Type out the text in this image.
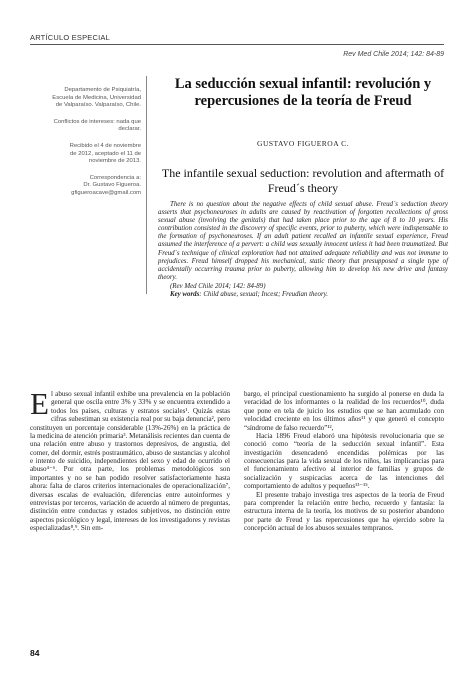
ARTÍCULO ESPECIAL
Rev Med Chile 2014; 142: 84-89
Departamento de Psiquiatría,
Escuela de Medicina, Universidad
de Valparaíso. Valparaíso, Chile.
Conflictos de intereses: nada que
declarar.
Recibido el 4 de noviembre
de 2012, aceptado el 11 de
noviembre de 2013.
Correspondencia a:
Dr. Gustavo Figueroa.
gfigueroacave@gmail.com
La seducción sexual infantil: revolución y repercusiones de la teoría de Freud
GUSTAVO FIGUEROA C.
The infantile sexual seduction: revolution and aftermath of Freud´s theory

There is no question about the negative effects of child sexual abuse. Freud´s seduction theory asserts that psychoneuroses in adults are caused by reactivation of forgotten recollections of gross sexual abuse (involving the genitals) that had taken place prior to the age of 8 to 10 years. His contribution consisted in the discovery of specific events, prior to puberty, which were indispensable to the formation of psychoneuroses. If an adult patient recalled an infantile sexual experience, Freud assumed the interference of a pervert: a child was sexually innocent unless it had been traumatized. But Freud´s technique of clinical exploration had not attained adequate reliability and was not immune to prejudices. Freud himself dropped his mechanical, static theory that presupposed a single type of accidentally occurring trauma prior to puberty, allowing him to develop his new drive and fantasy theory.

(Rev Med Chile 2014; 142: 84-89)

Key words: Child abuse, sexual; Incest; Freudian theory.

El abuso sexual infantil exhibe una prevalencia en la población general que oscila entre 3% y 33% y se encuentra extendido a todos los países, culturas y estratos sociales¹. Quizás estas cifras subestiman su existencia real por su baja denuncia², pero constituyen un porcentaje considerable (13%-26%) en la práctica de la medicina de atención primaria³. Metanálisis recientes dan cuenta de una relación entre abuso y trastornos depresivos, de angustia, del comer, del dormir, estrés postraumático, abuso de sustancias y alcohol e intento de suicidio, independientes del sexo y edad de ocurrido el abuso⁴⁻⁶. Por otra parte, los problemas metodológicos son importantes y no se han podido resolver satisfactoriamente hasta ahora: falta de claros criterios internacionales de operacionalización⁷, diversas escalas de evaluación, diferencias entre autoinformes y entrevistas por terceros, variación de acuerdo al número de preguntas, distinción entre conductas y estados subjetivos, no distinción entre aspectos psicológico y legal, intereses de los investigadores y revistas especializadas⁸,⁹. Sin em-

bargo, el principal cuestionamiento ha surgido al ponerse en duda la veracidad de los informantes o la realidad de los recuerdos¹⁰, duda que pone en tela de juicio los estudios que se han acumulado con velocidad creciente en los últimos años¹¹ y que generó el concepto “síndrome de falso recuerdo”¹²,

Hacia 1896 Freud elaboró una hipótesis revolucionaria que se conoció como “teoría de la seducción sexual infantil”. Esta investigación desencadenó encendidas polémicas por las consecuencias para la vida sexual de los niños, las implicancias para el funcionamiento afectivo al interior de familias y grupos de socialización y suspicacias acerca de las intenciones del comportamiento de adultos y pequeños¹³⁻¹⁵.

El presente trabajo investiga tres aspectos de la teoría de Freud para comprender la relación entre hecho, recuerdo y fantasía: la estructura interna de la teoría, los motivos de su posterior abandono por parte de Freud y las repercusiones que ha ejercido sobre la concepción actual de los abusos sexuales tempranos.

84
